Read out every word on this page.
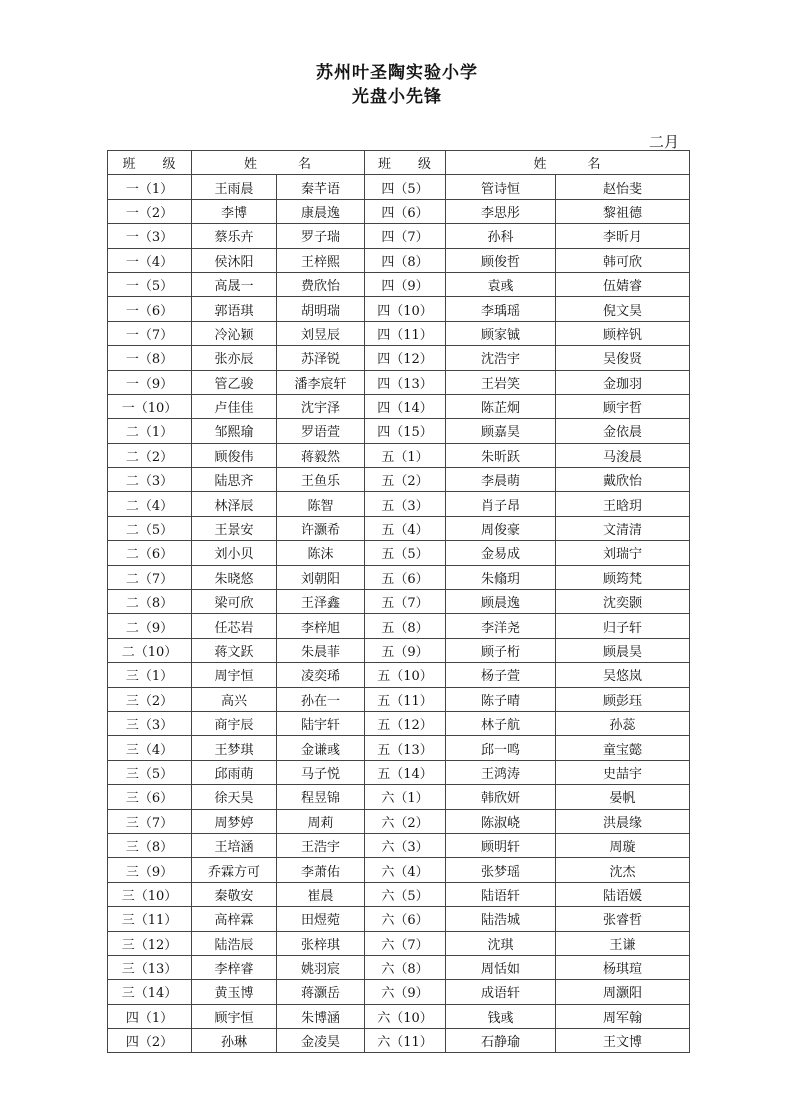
苏州叶圣陶实验小学
光盘小先锋
二月
班 级	姓 名		班 级	姓 名	
一（1）	王雨晨	秦芊语	四（5）	管诗恒	赵怡斐
一（2）	李博	康晨逸	四（6）	李思彤	黎祖德
一（3）	蔡乐卉	罗子瑞	四（7）	孙科	李昕月
一（4）	侯沐阳	王梓熙	四（8）	顾俊哲	韩可欣
一（5）	高晟一	费欣怡	四（9）	袁彧	伍婧睿
一（6）	郭语琪	胡明瑞	四（10）	李瑀瑶	倪文昊
一（7）	冷沁颖	刘昱辰	四（11）	顾家铖	顾梓钒
一（8）	张亦辰	苏泽锐	四（12）	沈浩宇	吴俊贤
一（9）	管乙骏	潘李宸轩	四（13）	王岩笑	金珈羽
一（10）	卢佳佳	沈宇泽	四（14）	陈芷炯	顾宇哲
二（1）	邹熙瑜	罗语萱	四（15）	顾嘉昊	金依晨
二（2）	顾俊伟	蒋毅然	五（1）	朱昕跃	马浚晨
二（3）	陆思齐	王鱼乐	五（2）	李晨萌	戴欣怡
二（4）	林泽辰	陈智	五（3）	肖子昂	王晗玥
二（5）	王景安	许灏希	五（4）	周俊豪	文清清
二（6）	刘小贝	陈沫	五（5）	金易成	刘瑞宁
二（7）	朱晓悠	刘朝阳	五（6）	朱翛玥	顾筠梵
二（8）	梁可欣	王泽鑫	五（7）	顾晨逸	沈奕颢
二（9）	任芯岩	李梓旭	五（8）	李洋尧	归子轩
二（10）	蒋文跃	朱晨菲	五（9）	顾子桁	顾晨昊
三（1）	周宇恒	凌奕琋	五（10）	杨子萱	吴悠岚
三（2）	高兴	孙在一	五（11）	陈子晴	顾彭珏
三（3）	商宇辰	陆宇轩	五（12）	林子航	孙蕊
三（4）	王梦琪	金谦彧	五（13）	邱一鸣	童宝懿
三（5）	邱雨萌	马子悦	五（14）	王鸿涛	史喆宇
三（6）	徐天昊	程昱锦	六（1）	韩欣妍	晏帆
三（7）	周梦婷	周莉	六（2）	陈淑峣	洪晨缘
三（8）	王培涵	王浩宇	六（3）	顾明轩	周璇
三（9）	乔霖方可	李萧佑	六（4）	张梦瑶	沈杰
三（10）	秦敬安	崔晨	六（5）	陆语轩	陆语媛
三（11）	高梓霖	田煜菀	六（6）	陆浩城	张睿哲
三（12）	陆浩辰	张梓琪	六（7）	沈琪	王谦
三（13）	李梓睿	姚羽宸	六（8）	周恬如	杨琪瑄
三（14）	黄玉博	蒋灏岳	六（9）	成语轩	周灏阳
四（1）	顾宇恒	朱博涵	六（10）	钱彧	周军翰
四（2）	孙琳	金凌昊	六（11）	石静瑜	王文博
